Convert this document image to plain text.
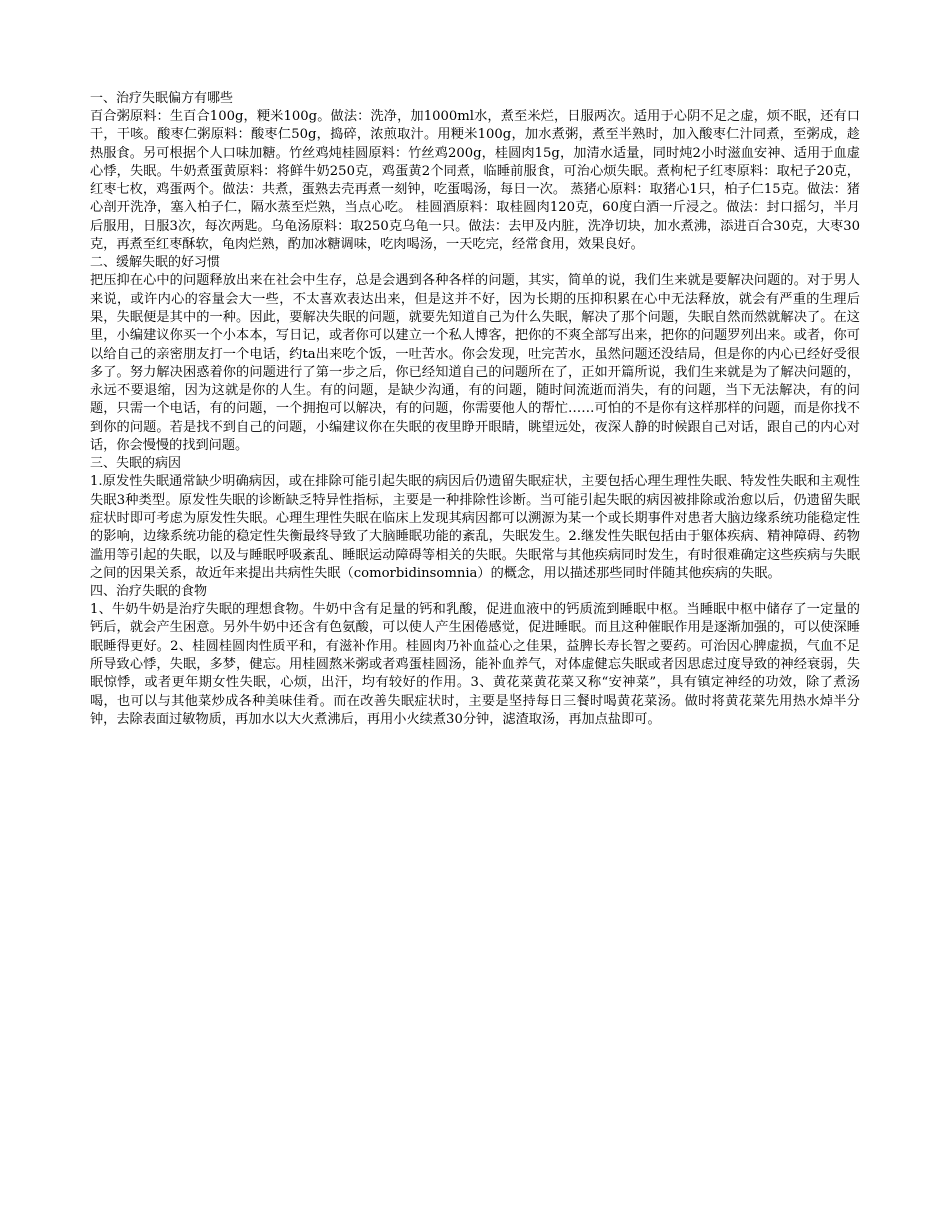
一、治疗失眠偏方有哪些

百合粥原料：生百合100g，粳米100g。做法：洗净，加1000ml水，煮至米烂，日服两次。适用于心阴不足之虚，烦不眠，还有口干，干咳。酸枣仁粥原料：酸枣仁50g，捣碎，浓煎取汁。用粳米100g，加水煮粥，煮至半熟时，加入酸枣仁汁同煮，至粥成，趁热服食。另可根据个人口味加糖。竹丝鸡炖桂圆原料：竹丝鸡200g，桂圆肉15g，加清水适量，同时炖2小时滋血安神、适用于血虚心悸，失眠。牛奶煮蛋黄原料：将鲜牛奶250克，鸡蛋黄2个同煮，临睡前服食，可治心烦失眠。煮枸杞子红枣原料：取杞子20克，红枣七枚，鸡蛋两个。做法：共煮，蛋熟去壳再煮一刻钟，吃蛋喝汤，每日一次。 蒸猪心原料：取猪心1只，柏子仁15克。做法：猪心剖开洗净，塞入柏子仁，隔水蒸至烂熟，当点心吃。 桂圆酒原料：取桂圆肉120克，60度白酒一斤浸之。做法：封口摇匀，半月后服用，日服3次，每次两匙。乌龟汤原料：取250克乌龟一只。做法：去甲及内脏，洗净切块，加水煮沸，添进百合30克，大枣30克，再煮至红枣酥软，龟肉烂熟，酌加冰糖调味，吃肉喝汤，一天吃完，经常食用，效果良好。

二、缓解失眠的好习惯

把压抑在心中的问题释放出来在社会中生存，总是会遇到各种各样的问题，其实，简单的说，我们生来就是要解决问题的。对于男人来说，或许内心的容量会大一些，不太喜欢表达出来，但是这并不好，因为长期的压抑积累在心中无法释放，就会有严重的生理后果，失眠便是其中的一种。因此，要解决失眠的问题，就要先知道自己为什么失眠，解决了那个问题，失眠自然而然就解决了。在这里，小编建议你买一个小本本，写日记，或者你可以建立一个私人博客，把你的不爽全部写出来，把你的问题罗列出来。或者，你可以给自己的亲密朋友打一个电话，约ta出来吃个饭，一吐苦水。你会发现，吐完苦水，虽然问题还没结局，但是你的内心已经好受很多了。努力解决困惑着你的问题进行了第一步之后，你已经知道自己的问题所在了，正如开篇所说，我们生来就是为了解决问题的，永远不要退缩，因为这就是你的人生。有的问题，是缺少沟通，有的问题，随时间流逝而消失，有的问题，当下无法解决，有的问题，只需一个电话，有的问题，一个拥抱可以解决，有的问题，你需要他人的帮忙……可怕的不是你有这样那样的问题，而是你找不到你的问题。若是找不到自己的问题，小编建议你在失眠的夜里睁开眼睛，眺望远处，夜深人静的时候跟自己对话，跟自己的内心对话，你会慢慢的找到问题。

三、失眠的病因

1.原发性失眠通常缺少明确病因，或在排除可能引起失眠的病因后仍遗留失眠症状，主要包括心理生理性失眠、特发性失眠和主观性失眠3种类型。原发性失眠的诊断缺乏特异性指标，主要是一种排除性诊断。当可能引起失眠的病因被排除或治愈以后，仍遗留失眠症状时即可考虑为原发性失眠。心理生理性失眠在临床上发现其病因都可以溯源为某一个或长期事件对患者大脑边缘系统功能稳定性的影响，边缘系统功能的稳定性失衡最终导致了大脑睡眠功能的紊乱，失眠发生。2.继发性失眠包括由于躯体疾病、精神障碍、药物滥用等引起的失眠，以及与睡眠呼吸紊乱、睡眠运动障碍等相关的失眠。失眠常与其他疾病同时发生，有时很难确定这些疾病与失眠之间的因果关系，故近年来提出共病性失眠（comorbidinsomnia）的概念，用以描述那些同时伴随其他疾病的失眠。

四、治疗失眠的食物

1、牛奶牛奶是治疗失眠的理想食物。牛奶中含有足量的钙和乳酸，促进血液中的钙质流到睡眠中枢。当睡眠中枢中储存了一定量的钙后，就会产生困意。另外牛奶中还含有色氨酸，可以使人产生困倦感觉，促进睡眠。而且这种催眠作用是逐渐加强的，可以使深睡眠睡得更好。2、桂圆桂圆肉性质平和，有滋补作用。桂圆肉乃补血益心之佳果，益脾长寿长智之要药。可治因心脾虚损，气血不足所导致心悸，失眠，多梦，健忘。用桂圆熬米粥或者鸡蛋桂圆汤，能补血养气，对体虚健忘失眠或者因思虑过度导致的神经衰弱，失眠惊悸，或者更年期女性失眠，心烦，出汗，均有较好的作用。3、黄花菜黄花菜又称“安神菜”，具有镇定神经的功效，除了煮汤喝，也可以与其他菜炒成各种美味佳肴。而在改善失眠症状时，主要是坚持每日三餐时喝黄花菜汤。做时将黄花菜先用热水焯半分钟，去除表面过敏物质，再加水以大火煮沸后，再用小火续煮30分钟，滤渣取汤，再加点盐即可。
